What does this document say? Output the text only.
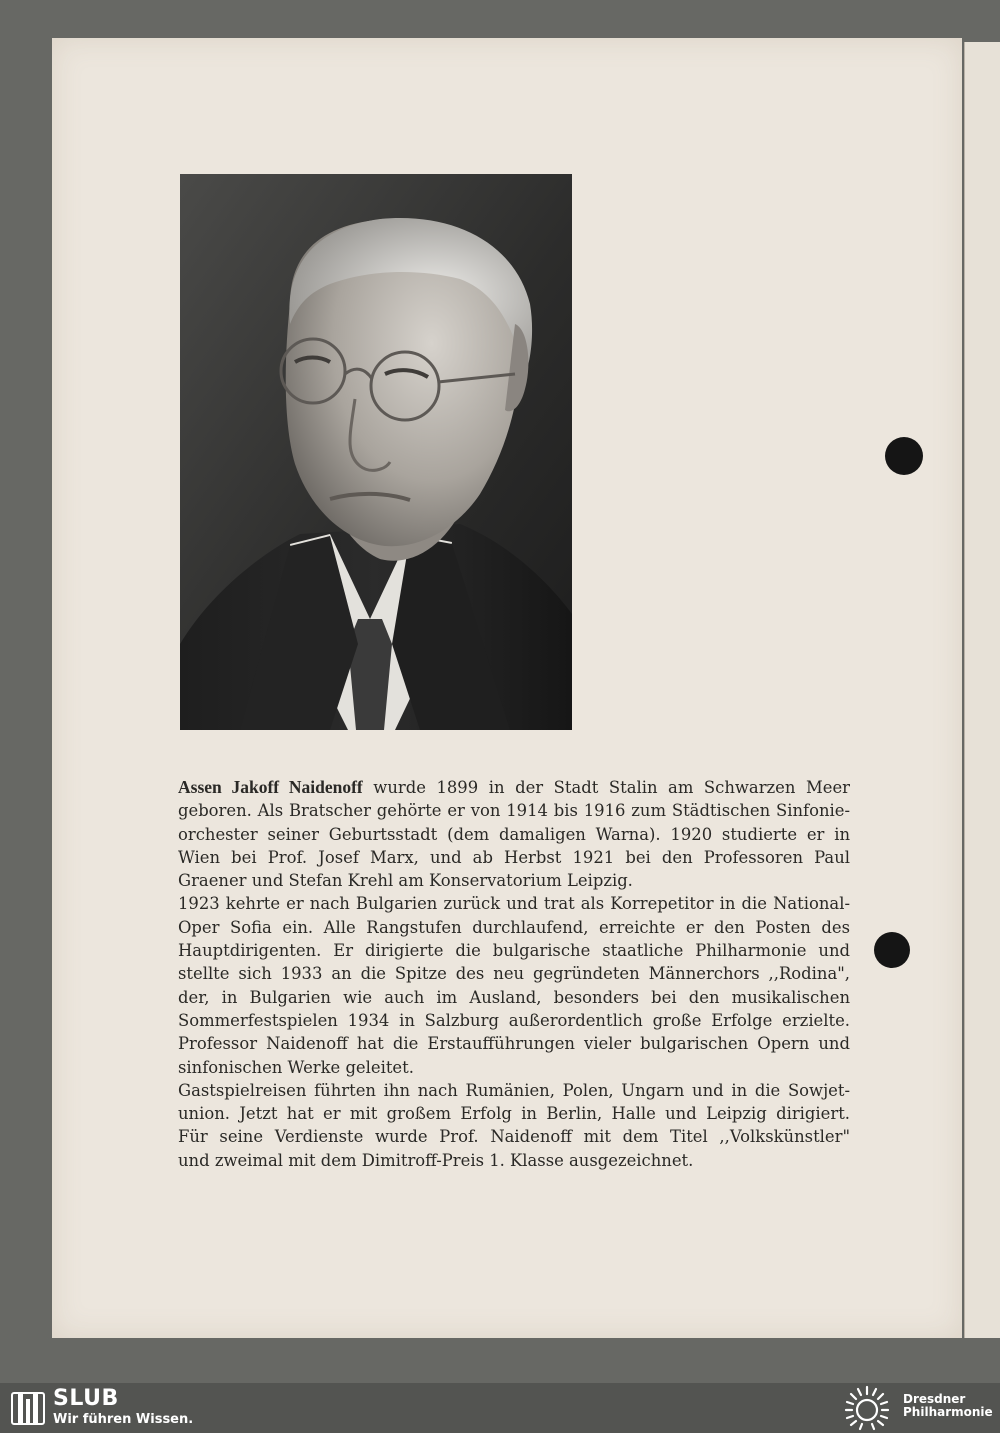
Assen Jakoff Naidenoff wurde 1899 in der Stadt Stalin am Schwarzen Meer

geboren. Als Bratscher gehörte er von 1914 bis 1916 zum Städtischen Sinfonie-

orchester seiner Geburtsstadt (dem damaligen Warna). 1920 studierte er in

Wien bei Prof. Josef Marx, und ab Herbst 1921 bei den Professoren Paul

Graener und Stefan Krehl am Konservatorium Leipzig.

1923 kehrte er nach Bulgarien zurück und trat als Korrepetitor in die National-

Oper Sofia ein. Alle Rangstufen durchlaufend, erreichte er den Posten des

Hauptdirigenten. Er dirigierte die bulgarische staatliche Philharmonie und

stellte sich 1933 an die Spitze des neu gegründeten Männerchors ,,Rodina",

der, in Bulgarien wie auch im Ausland, besonders bei den musikalischen

Sommerfestspielen 1934 in Salzburg außerordentlich große Erfolge erzielte.

Professor Naidenoff hat die Erstaufführungen vieler bulgarischen Opern und

sinfonischen Werke geleitet.

Gastspielreisen führten ihn nach Rumänien, Polen, Ungarn und in die Sowjet-

union. Jetzt hat er mit großem Erfolg in Berlin, Halle und Leipzig dirigiert.

Für seine Verdienste wurde Prof. Naidenoff mit dem Titel ,,Volkskünstler"

und zweimal mit dem Dimitroff-Preis 1. Klasse ausgezeichnet.

SLUB
Wir führen Wissen.
Dresdner
Philharmonie
